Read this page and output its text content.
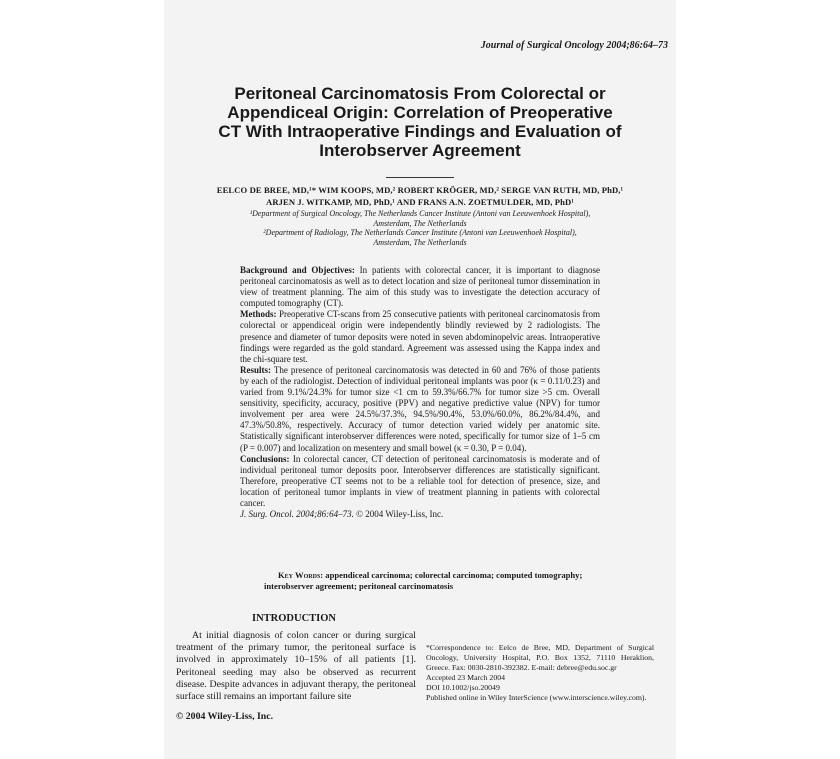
Journal of Surgical Oncology 2004;86:64–73
Peritoneal Carcinomatosis From Colorectal or
Appendiceal Origin: Correlation of Preoperative
CT With Intraoperative Findings and Evaluation of
Interobserver Agreement
EELCO DE BREE, MD,¹* WIM KOOPS, MD,² ROBERT KRÖGER, MD,² SERGE VAN RUTH, MD, PhD,¹
ARJEN J. WITKAMP, MD, PhD,¹ AND FRANS A.N. ZOETMULDER, MD, PhD¹
¹Department of Surgical Oncology, The Netherlands Cancer Institute (Antoni van Leeuwenhoek Hospital),
Amsterdam, The Netherlands
²Department of Radiology, The Netherlands Cancer Institute (Antoni van Leeuwenhoek Hospital),
Amsterdam, The Netherlands

Background and Objectives: In patients with colorectal cancer, it is important to diagnose peritoneal carcinomatosis as well as to detect location and size of peritoneal tumor dissemination in view of treatment planning. The aim of this study was to investigate the detection accuracy of computed tomography (CT).

Methods: Preoperative CT-scans from 25 consecutive patients with peritoneal carcinomatosis from colorectal or appendiceal origin were independently blindly reviewed by 2 radiologists. The presence and diameter of tumor deposits were noted in seven abdominopelvic areas. Intraoperative findings were regarded as the gold standard. Agreement was assessed using the Kappa index and the chi-square test.

Results: The presence of peritoneal carcinomatosis was detected in 60 and 76% of those patients by each of the radiologist. Detection of individual peritoneal implants was poor (κ = 0.11/0.23) and varied from 9.1%/24.3% for tumor size <1 cm to 59.3%/66.7% for tumor size >5 cm. Overall sensitivity, specificity, accuracy, positive (PPV) and negative predictive value (NPV) for tumor involvement per area were 24.5%/37.3%, 94.5%/90.4%, 53.0%/60.0%, 86.2%/84.4%, and 47.3%/50.8%, respectively. Accuracy of tumor detection varied widely per anatomic site. Statistically significant interobserver differences were noted, specifically for tumor size of 1–5 cm (P = 0.007) and localization on mesentery and small bowel (κ = 0.30, P = 0.04).

Conclusions: In colorectal cancer, CT detection of peritoneal carcinomatosis is moderate and of individual peritoneal tumor deposits poor. Interobserver differences are statistically significant. Therefore, preoperative CT seems not to be a reliable tool for detection of presence, size, and location of peritoneal tumor implants in view of treatment planning in patients with colorectal cancer.

J. Surg. Oncol. 2004;86:64–73. © 2004 Wiley-Liss, Inc.

Key Words: appendiceal carcinoma; colorectal carcinoma; computed tomography; interobserver agreement; peritoneal carcinomatosis
INTRODUCTION

At initial diagnosis of colon cancer or during surgical treatment of the primary tumor, the peritoneal surface is involved in approximately 10–15% of all patients [1]. Peritoneal seeding may also be observed as recurrent disease. Despite advances in adjuvant therapy, the peritoneal surface still remains an important failure site

© 2004 Wiley-Liss, Inc.

*Correspondence to: Eelco de Bree, MD, Department of Surgical Oncology, University Hospital, P.O. Box 1352, 71110 Heraklion, Greece. Fax: 0030-2810-392382. E-mail: debree@edu.soc.gr

Accepted 23 March 2004

DOI 10.1002/jso.20049

Published online in Wiley InterScience (www.interscience.wiley.com).
